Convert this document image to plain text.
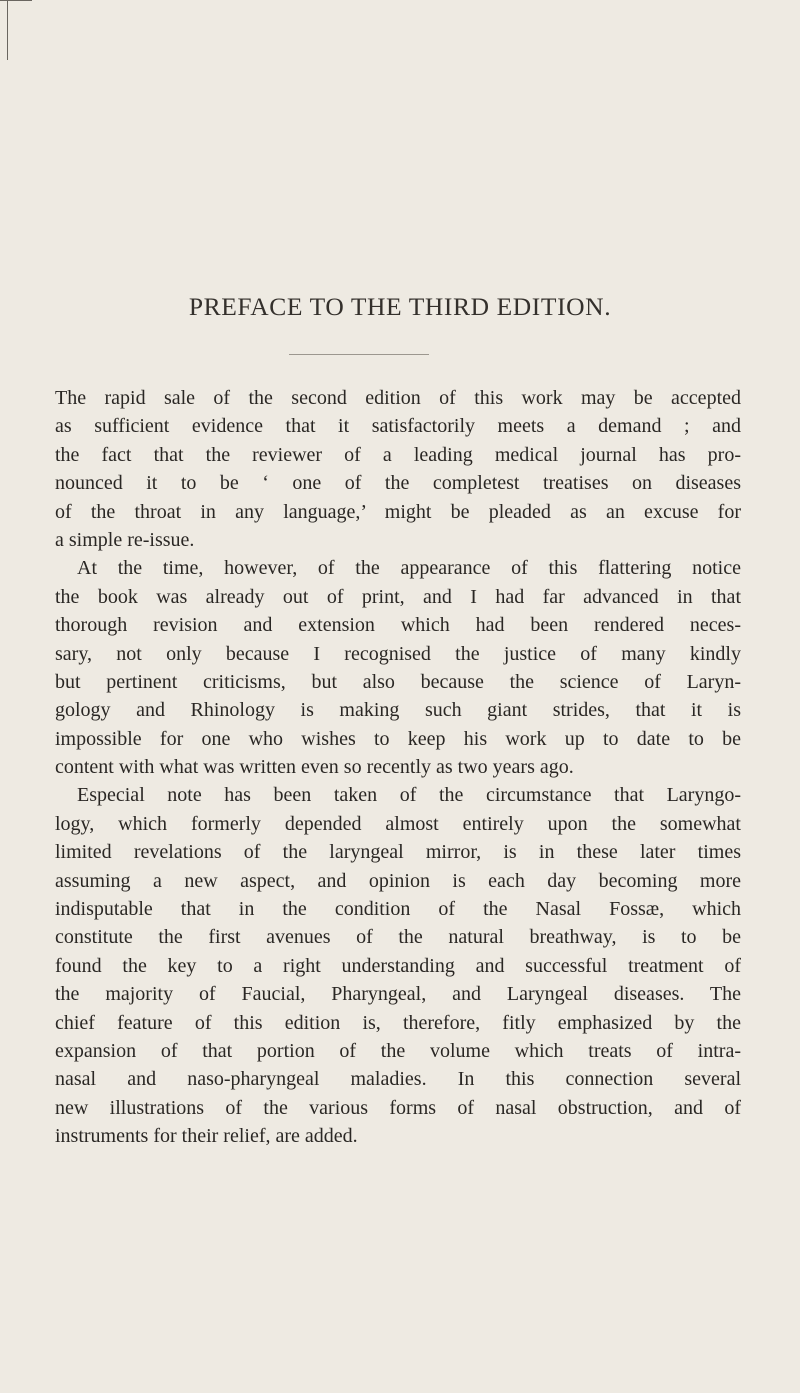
PREFACE TO THE THIRD EDITION.
The rapid sale of the second edition of this work may be accepted
as sufficient evidence that it satisfactorily meets a demand ; and
the fact that the reviewer of a leading medical journal has pro-
nounced it to be ‘ one of the completest treatises on diseases
of the throat in any language,’ might be pleaded as an excuse for
a simple re-issue.
At the time, however, of the appearance of this flattering notice
the book was already out of print, and I had far advanced in that
thorough revision and extension which had been rendered neces-
sary, not only because I recognised the justice of many kindly
but pertinent criticisms, but also because the science of Laryn-
gology and Rhinology is making such giant strides, that it is
impossible for one who wishes to keep his work up to date to be
content with what was written even so recently as two years ago.
Especial note has been taken of the circumstance that Laryngo-
logy, which formerly depended almost entirely upon the somewhat
limited revelations of the laryngeal mirror, is in these later times
assuming a new aspect, and opinion is each day becoming more
indisputable that in the condition of the Nasal Fossæ, which
constitute the first avenues of the natural breathway, is to be
found the key to a right understanding and successful treatment of
the majority of Faucial, Pharyngeal, and Laryngeal diseases. The
chief feature of this edition is, therefore, fitly emphasized by the
expansion of that portion of the volume which treats of intra-
nasal and naso-pharyngeal maladies. In this connection several
new illustrations of the various forms of nasal obstruction, and of
instruments for their relief, are added.
